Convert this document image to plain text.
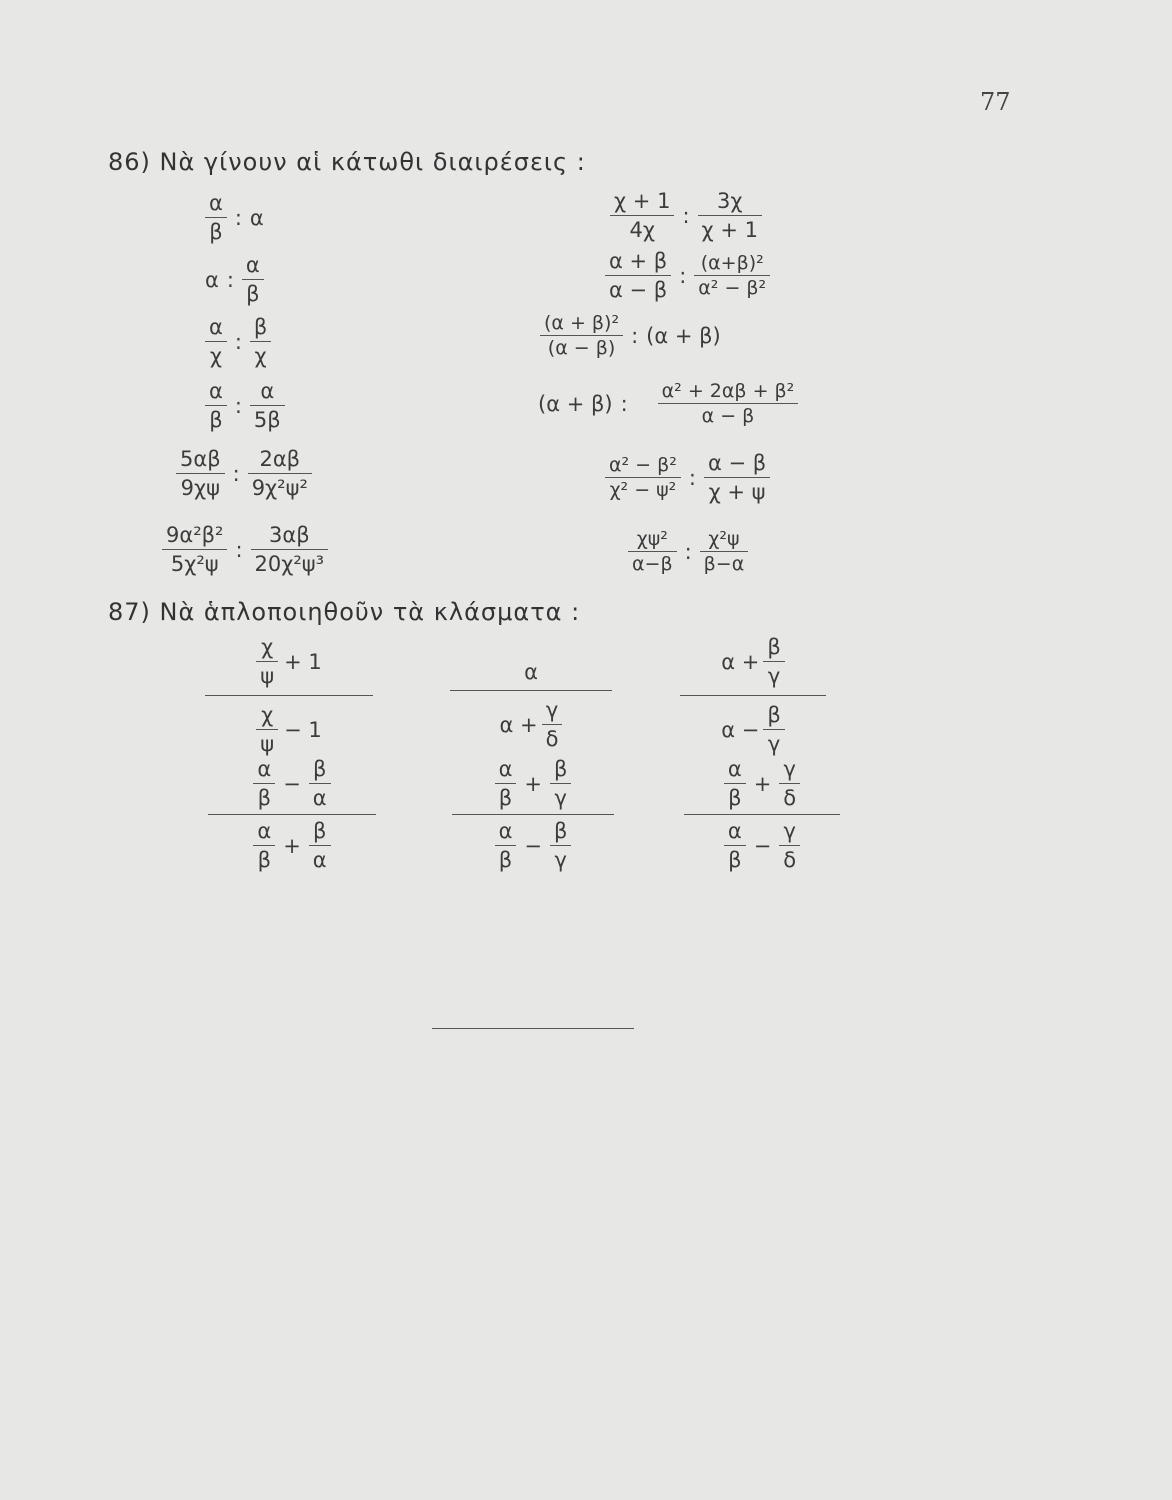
77
86) Νὰ γίνουν αἱ κάτωθι διαιρέσεις :
α
β
: α
α :
α
β
α
χ
:
β
χ
α
β
:
α
5β
5αβ
9χψ
:
2αβ
9χ²ψ²
9α²β²
5χ²ψ
:
3αβ
20χ²ψ³
χ + 1
4χ
:
3χ
χ + 1
α + β
α − β
:
(α+β)²
α² − β²
(α + β)²
(α − β)
: (α + β)
(α + β) :
α² + 2αβ + β²
α − β
α² − β²
χ² − ψ²
:
α − β
χ + ψ
χψ²
α−β
:
χ²ψ
β−α
87) Νὰ ἁπλοποιηθοῦν τὰ κλάσματα :
χ
ψ
+ 1
χ
ψ
− 1
α
α +
γ
δ
α +
β
γ
α −
β
γ
α
β
−
β
α
α
β
+
β
α
α
β
+
β
γ
α
β
−
β
γ
α
β
+
γ
δ
α
β
−
γ
δ
